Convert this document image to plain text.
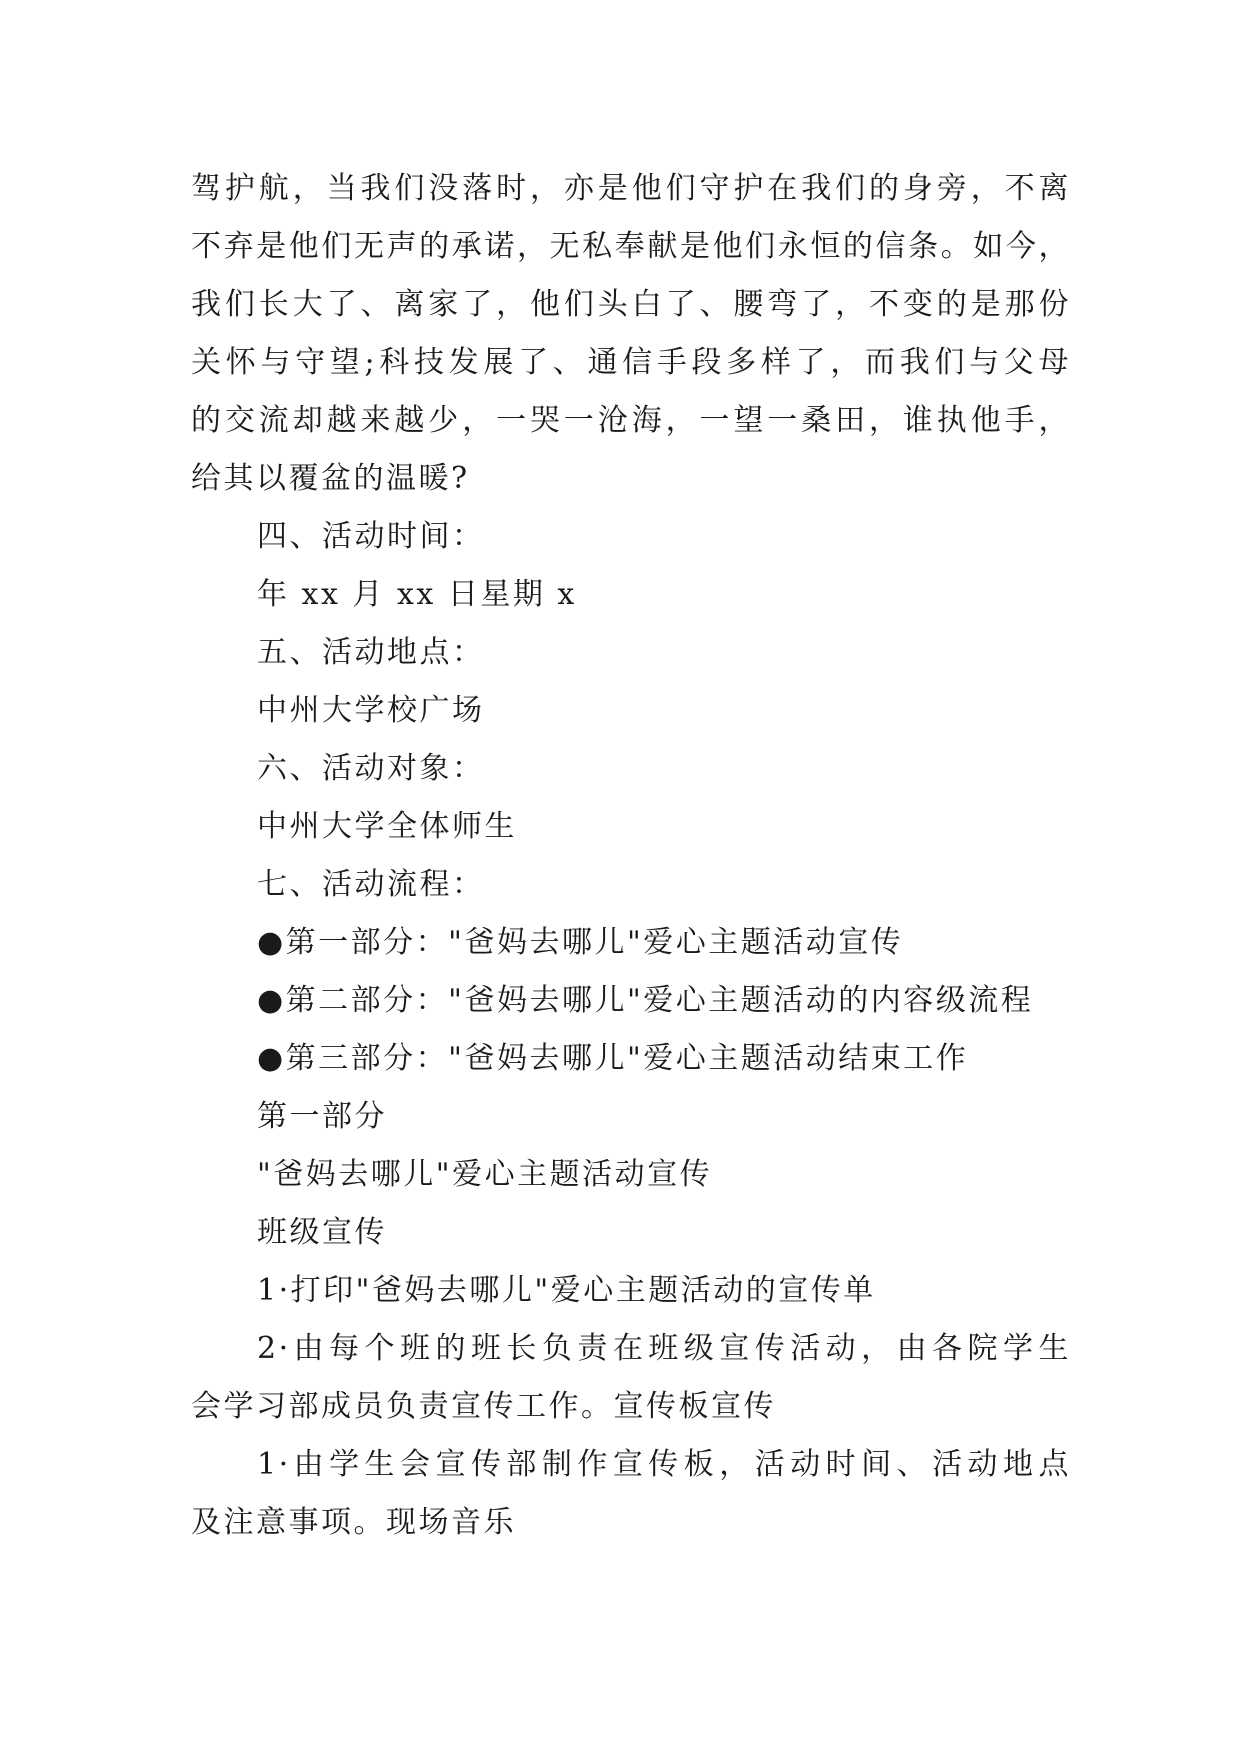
驾护航，当我们没落时，亦是他们守护在我们的身旁，不离
不弃是他们无声的承诺，无私奉献是他们永恒的信条。如今，
我们长大了、离家了，他们头白了、腰弯了，不变的是那份
关怀与守望;科技发展了、通信手段多样了，而我们与父母
的交流却越来越少，一哭一沧海，一望一桑田，谁执他手，
给其以覆盆的温暖?
四、活动时间：
年 xx 月 xx 日星期 x
五、活动地点：
中州大学校广场
六、活动对象：
中州大学全体师生
七、活动流程：
●第一部分："爸妈去哪儿"爱心主题活动宣传
●第二部分："爸妈去哪儿"爱心主题活动的内容级流程
●第三部分："爸妈去哪儿"爱心主题活动结束工作
第一部分
"爸妈去哪儿"爱心主题活动宣传
班级宣传
1·打印"爸妈去哪儿"爱心主题活动的宣传单
2·由每个班的班长负责在班级宣传活动，由各院学生
会学习部成员负责宣传工作。宣传板宣传
1·由学生会宣传部制作宣传板，活动时间、活动地点
及注意事项。现场音乐
